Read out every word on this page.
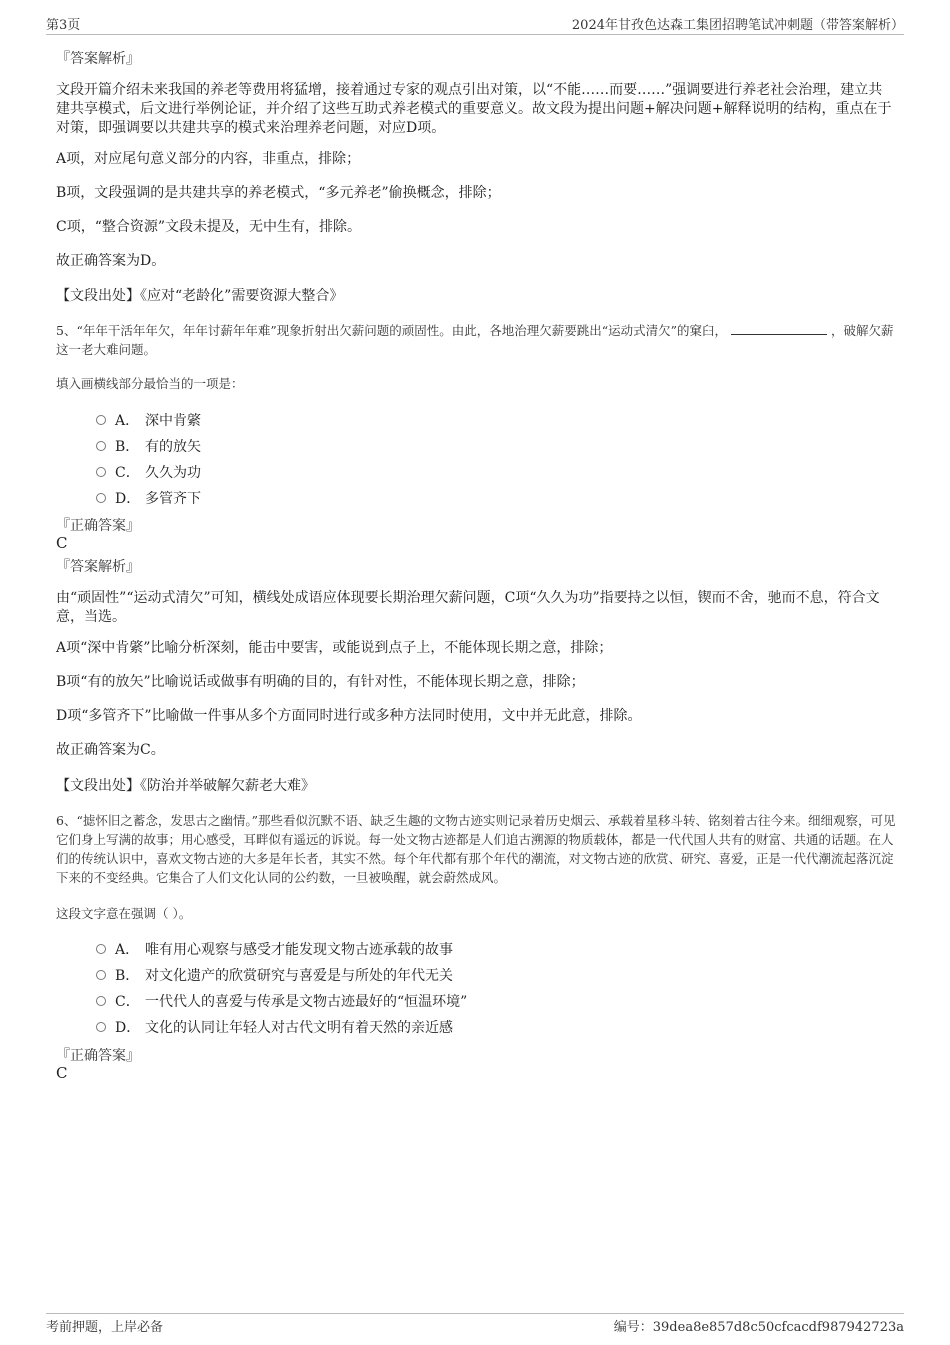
第3页	2024年甘孜色达森工集团招聘笔试冲刺题（带答案解析）
『答案解析』
文段开篇介绍未来我国的养老等费用将猛增，接着通过专家的观点引出对策，以“不能……而要……”强调要进行养老社会治理，建立共建共享模式，后文进行举例论证，并介绍了这些互助式养老模式的重要意义。故文段为提出问题+解决问题+解释说明的结构，重点在于对策，即强调要以共建共享的模式来治理养老问题，对应D项。
A项，对应尾句意义部分的内容，非重点，排除；
B项，文段强调的是共建共享的养老模式，“多元养老”偷换概念，排除；
C项，“整合资源”文段未提及，无中生有，排除。
故正确答案为D。
【文段出处】《应对“老龄化”需要资源大整合》
5、“年年干活年年欠，年年讨薪年年难”现象折射出欠薪问题的顽固性。由此，各地治理欠薪要跳出“运动式清欠”的窠臼，	，破解欠薪这一老大难问题。
填入画横线部分最恰当的一项是：
A． 深中肯綮
B． 有的放矢
C． 久久为功
D． 多管齐下
『正确答案』
C
『答案解析』
由“顽固性”“运动式清欠”可知，横线处成语应体现要长期治理欠薪问题，C项“久久为功”指要持之以恒，锲而不舍，驰而不息，符合文意，当选。
A项“深中肯綮”比喻分析深刻，能击中要害，或能说到点子上，不能体现长期之意，排除；
B项“有的放矢”比喻说话或做事有明确的目的，有针对性，不能体现长期之意，排除；
D项“多管齐下”比喻做一件事从多个方面同时进行或多种方法同时使用，文中并无此意，排除。
故正确答案为C。
【文段出处】《防治并举破解欠薪老大难》
6、“摅怀旧之蓄念，发思古之幽情。”那些看似沉默不语、缺乏生趣的文物古迹实则记录着历史烟云、承载着星移斗转、铭刻着古往今来。细细观察，可见它们身上写满的故事；用心感受，耳畔似有遥远的诉说。每一处文物古迹都是人们追古溯源的物质载体，都是一代代国人共有的财富、共通的话题。在人们的传统认识中，喜欢文物古迹的大多是年长者，其实不然。每个年代都有那个年代的潮流，对文物古迹的欣赏、研究、喜爱，正是一代代潮流起落沉淀下来的不变经典。它集合了人们文化认同的公约数，一旦被唤醒，就会蔚然成风。
这段文字意在强调（ ）。
A． 唯有用心观察与感受才能发现文物古迹承载的故事
B． 对文化遗产的欣赏研究与喜爱是与所处的年代无关
C． 一代代人的喜爱与传承是文物古迹最好的“恒温环境”
D． 文化的认同让年轻人对古代文明有着天然的亲近感
『正确答案』
C
考前押题，上岸必备	编号：39dea8e857d8c50cfcacdf987942723a
